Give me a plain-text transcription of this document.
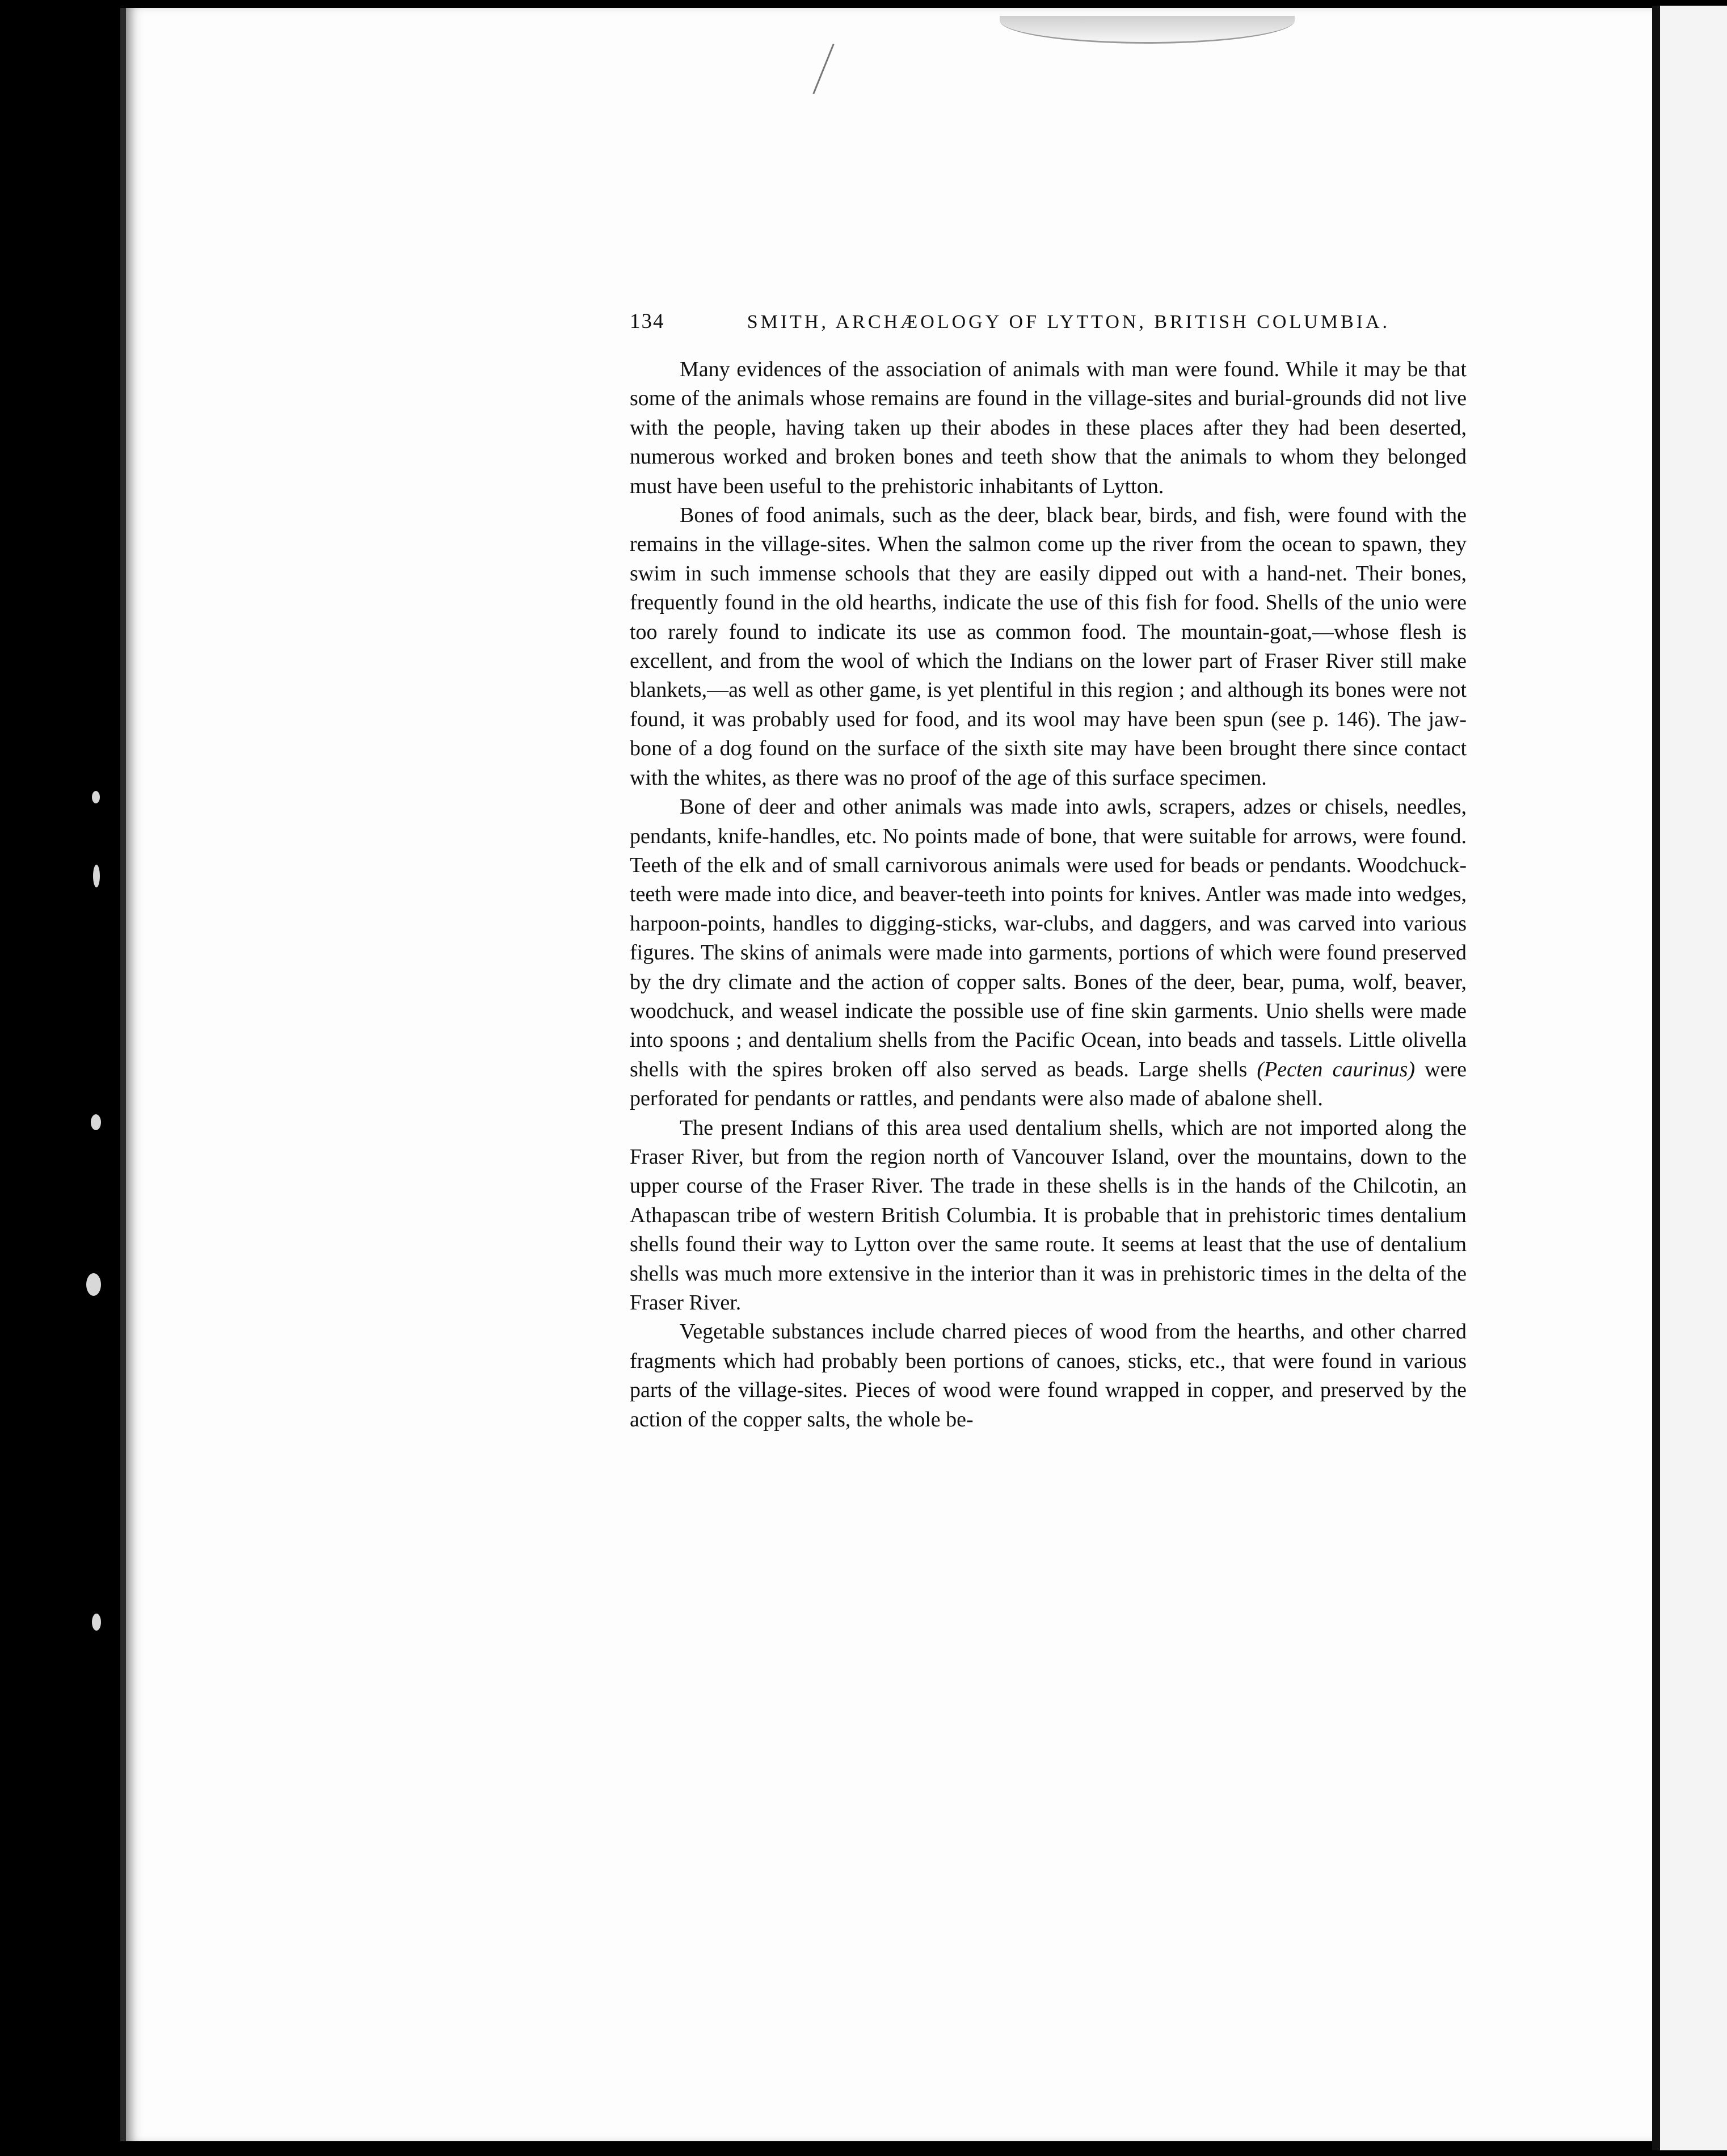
134	SMITH, ARCHÆOLOGY OF LYTTON, BRITISH COLUMBIA.

Many evidences of the association of animals with man were found. While it may be that some of the animals whose remains are found in the village-sites and burial-grounds did not live with the people, having taken up their abodes in these places after they had been deserted, numerous worked and broken bones and teeth show that the animals to whom they belonged must have been useful to the prehistoric inhabitants of Lytton.

Bones of food animals, such as the deer, black bear, birds, and fish, were found with the remains in the village-sites. When the salmon come up the river from the ocean to spawn, they swim in such immense schools that they are easily dipped out with a hand-net. Their bones, frequently found in the old hearths, indicate the use of this fish for food. Shells of the unio were too rarely found to indicate its use as common food. The mountain-goat,—whose flesh is excellent, and from the wool of which the Indians on the lower part of Fraser River still make blankets,—as well as other game, is yet plentiful in this region ; and although its bones were not found, it was probably used for food, and its wool may have been spun (see p. 146). The jaw-bone of a dog found on the surface of the sixth site may have been brought there since contact with the whites, as there was no proof of the age of this surface specimen.

Bone of deer and other animals was made into awls, scrapers, adzes or chisels, needles, pendants, knife-handles, etc. No points made of bone, that were suitable for arrows, were found. Teeth of the elk and of small carnivorous animals were used for beads or pendants. Woodchuck-teeth were made into dice, and beaver-teeth into points for knives. Antler was made into wedges, harpoon-points, handles to digging-sticks, war-clubs, and daggers, and was carved into various figures. The skins of animals were made into garments, portions of which were found preserved by the dry climate and the action of copper salts. Bones of the deer, bear, puma, wolf, beaver, woodchuck, and weasel indicate the possible use of fine skin garments. Unio shells were made into spoons ; and dentalium shells from the Pacific Ocean, into beads and tassels. Little olivella shells with the spires broken off also served as beads. Large shells (Pecten caurinus) were perforated for pendants or rattles, and pendants were also made of abalone shell.

The present Indians of this area used dentalium shells, which are not imported along the Fraser River, but from the region north of Vancouver Island, over the mountains, down to the upper course of the Fraser River. The trade in these shells is in the hands of the Chilcotin, an Athapascan tribe of western British Columbia. It is probable that in prehistoric times dentalium shells found their way to Lytton over the same route. It seems at least that the use of dentalium shells was much more extensive in the interior than it was in prehistoric times in the delta of the Fraser River.

Vegetable substances include charred pieces of wood from the hearths, and other charred fragments which had probably been portions of canoes, sticks, etc., that were found in various parts of the village-sites. Pieces of wood were found wrapped in copper, and preserved by the action of the copper salts, the whole be-
